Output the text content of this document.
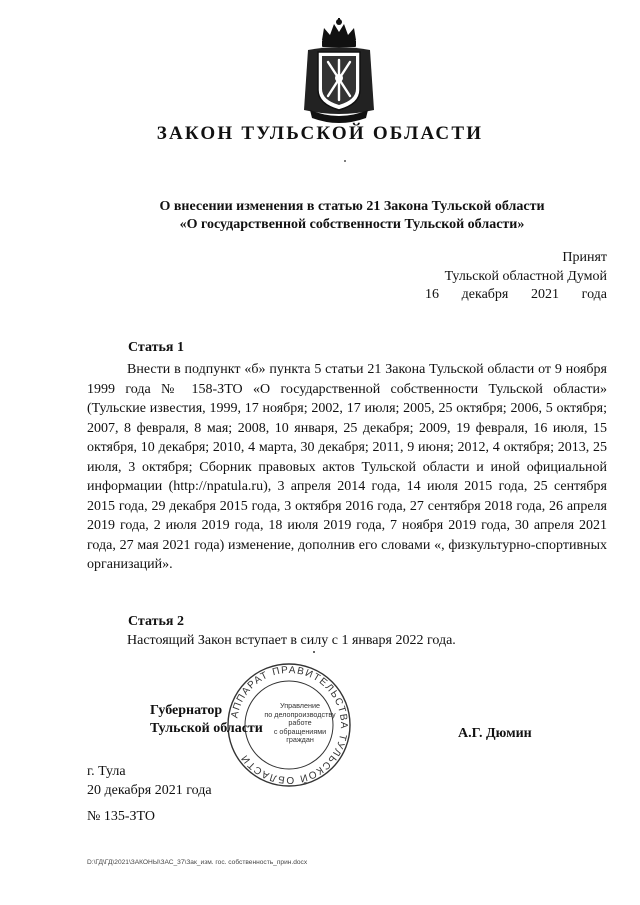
ЗАКОН ТУЛЬСКОЙ ОБЛАСТИ
О внесении изменения в статью 21 Закона Тульской области
«О государственной собственности Тульской области»
Принят
Тульской областной Думой
16 декабря 2021 года
Статья 1

Внести в подпункт «б» пункта 5 статьи 21 Закона Тульской области от 9 ноября 1999 года № 158-ЗТО «О государственной собственности Тульской области» (Тульские известия, 1999, 17 ноября; 2002, 17 июля; 2005, 25 октября; 2006, 5 октября; 2007, 8 февраля, 8 мая; 2008, 10 января, 25 декабря; 2009, 19 февраля, 16 июля, 15 октября, 10 декабря; 2010, 4 марта, 30 декабря; 2011, 9 июня; 2012, 4 октября; 2013, 25 июля, 3 октября; Сборник правовых актов Тульской области и иной официальной информации (http://npatula.ru), 3 апреля 2014 года, 14 июля 2015 года, 25 сентября 2015 года, 29 декабря 2015 года, 3 октября 2016 года, 27 сентября 2018 года, 26 апреля 2019 года, 2 июля 2019 года, 18 июля 2019 года, 7 ноября 2019 года, 30 апреля 2021 года, 27 мая 2021 года) изменение, дополнив его словами «, физкультурно-спортивных организаций».

Статья 2
Настоящий Закон вступает в силу с 1 января 2022 года.
АППАРАТ ПРАВИТЕЛЬСТВА ТУЛЬСКОЙ ОБЛАСТИ
Управление
по делопроизводству
работе
с обращениями
граждан
Губернатор
Тульской области	А.Г. Дюмин
г. Тула
20 декабря 2021 года
№ 135-ЗТО
D:\ГД\ГД\2021\ЗАКОНЫ\ЗАС_37\Зак_изм. гос. собственность_прин.docx
